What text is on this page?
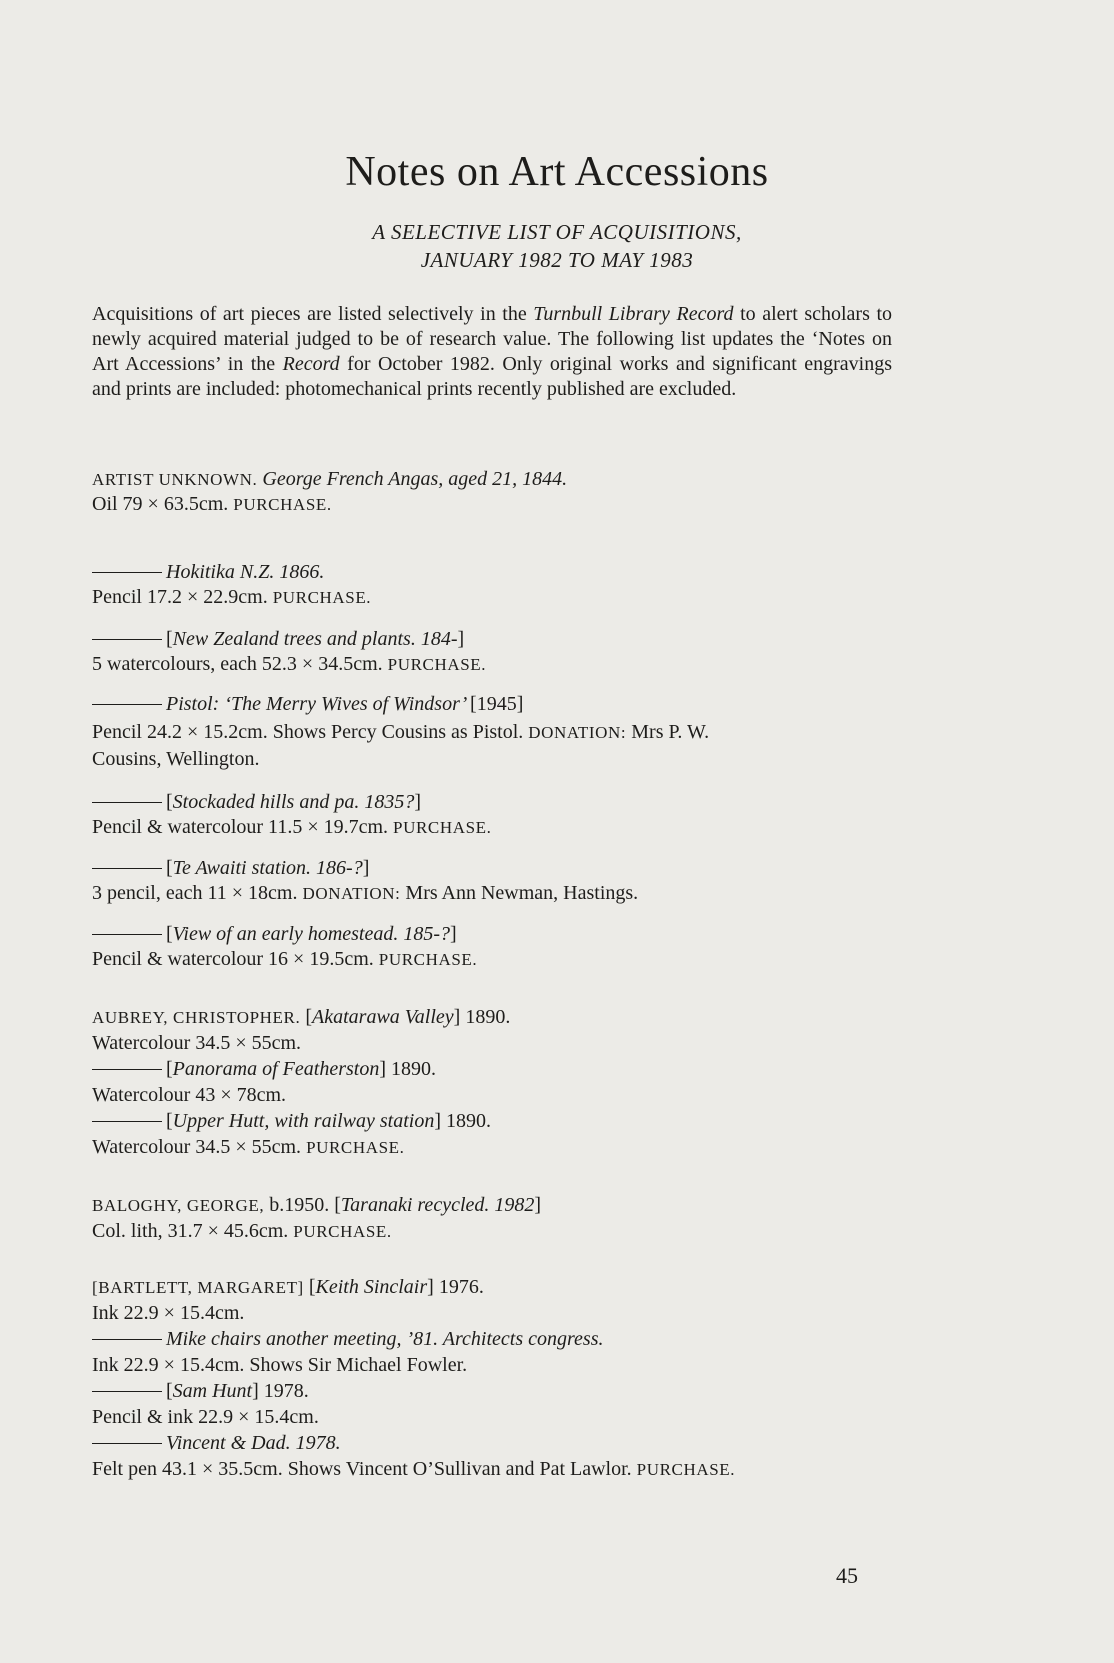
Notes on Art Accessions
A SELECTIVE LIST OF ACQUISITIONS,
JANUARY 1982 TO MAY 1983

Acquisitions of art pieces are listed selectively in the Turnbull Library Record to alert scholars to newly acquired material judged to be of research value. The following list updates the ‘Notes on Art Accessions’ in the Record for October 1982. Only original works and significant engravings and prints are included: photomechanical prints recently published are excluded.

ARTIST UNKNOWN. George French Angas, aged 21, 1844.
Oil 79 × 63.5cm. PURCHASE.
Hokitika N.Z. 1866.
Pencil 17.2 × 22.9cm. PURCHASE.
[New Zealand trees and plants. 184-]
5 watercolours, each 52.3 × 34.5cm. PURCHASE.
Pistol: ‘The Merry Wives of Windsor’ [1945]
Pencil 24.2 × 15.2cm. Shows Percy Cousins as Pistol. DONATION: Mrs P. W.
Cousins, Wellington.
[Stockaded hills and pa. 1835?]
Pencil & watercolour 11.5 × 19.7cm. PURCHASE.
[Te Awaiti station. 186-?]
3 pencil, each 11 × 18cm. DONATION: Mrs Ann Newman, Hastings.
[View of an early homestead. 185-?]
Pencil & watercolour 16 × 19.5cm. PURCHASE.
AUBREY, CHRISTOPHER. [Akatarawa Valley] 1890.
Watercolour 34.5 × 55cm.
[Panorama of Featherston] 1890.
Watercolour 43 × 78cm.
[Upper Hutt, with railway station] 1890.
Watercolour 34.5 × 55cm. PURCHASE.
BALOGHY, GEORGE, b.1950. [Taranaki recycled. 1982]
Col. lith, 31.7 × 45.6cm. PURCHASE.
[BARTLETT, MARGARET] [Keith Sinclair] 1976.
Ink 22.9 × 15.4cm.
Mike chairs another meeting, ’81. Architects congress.
Ink 22.9 × 15.4cm. Shows Sir Michael Fowler.
[Sam Hunt] 1978.
Pencil & ink 22.9 × 15.4cm.
Vincent & Dad. 1978.
Felt pen 43.1 × 35.5cm. Shows Vincent O’Sullivan and Pat Lawlor. PURCHASE.
45
